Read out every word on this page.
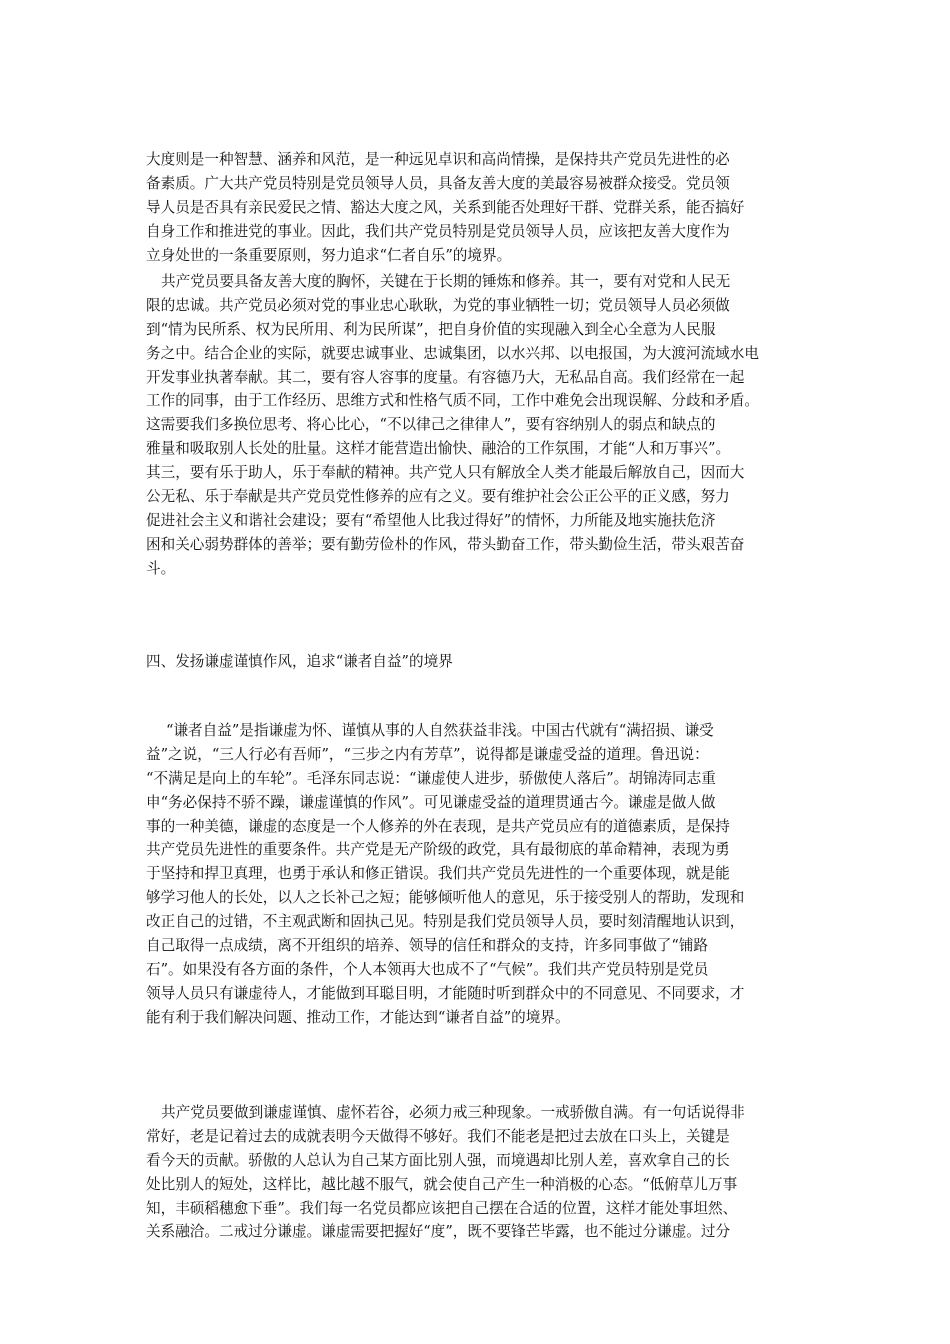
大度则是一种智慧、涵养和风范，是一种远见卓识和高尚情操，是保持共产党员先进性的必
备素质。广大共产党员特别是党员领导人员，具备友善大度的美最容易被群众接受。党员领
导人员是否具有亲民爱民之情、豁达大度之风，关系到能否处理好干群、党群关系，能否搞好
自身工作和推进党的事业。因此，我们共产党员特别是党员领导人员，应该把友善大度作为
立身处世的一条重要原则，努力追求“仁者自乐”的境界。
共产党员要具备友善大度的胸怀，关键在于长期的锤炼和修养。其一，要有对党和人民无
限的忠诚。共产党员必须对党的事业忠心耿耿，为党的事业牺牲一切；党员领导人员必须做
到“情为民所系、权为民所用、利为民所谋”，把自身价值的实现融入到全心全意为人民服
务之中。结合企业的实际，就要忠诚事业、忠诚集团，以水兴邦、以电报国，为大渡河流域水电
开发事业执著奉献。其二，要有容人容事的度量。有容德乃大，无私品自高。我们经常在一起
工作的同事，由于工作经历、思维方式和性格气质不同，工作中难免会出现误解、分歧和矛盾。
这需要我们多换位思考、将心比心，“不以律己之律律人”，要有容纳别人的弱点和缺点的
雅量和吸取别人长处的肚量。这样才能营造出愉快、融洽的工作氛围，才能“人和万事兴”。
其三，要有乐于助人，乐于奉献的精神。共产党人只有解放全人类才能最后解放自己，因而大
公无私、乐于奉献是共产党员党性修养的应有之义。要有维护社会公正公平的正义感，努力
促进社会主义和谐社会建设；要有“希望他人比我过得好”的情怀，力所能及地实施扶危济
困和关心弱势群体的善举；要有勤劳俭朴的作风，带头勤奋工作，带头勤俭生活，带头艰苦奋
斗。
四、发扬谦虚谨慎作风，追求“谦者自益”的境界
“谦者自益”是指谦虚为怀、谨慎从事的人自然获益非浅。中国古代就有“满招损、谦受
益”之说，“三人行必有吾师”，“三步之内有芳草”，说得都是谦虚受益的道理。鲁迅说：
“不满足是向上的车轮”。毛泽东同志说：“谦虚使人进步，骄傲使人落后”。胡锦涛同志重
申“务必保持不骄不躁，谦虚谨慎的作风”。可见谦虚受益的道理贯通古今。谦虚是做人做
事的一种美德，谦虚的态度是一个人修养的外在表现，是共产党员应有的道德素质，是保持
共产党员先进性的重要条件。共产党是无产阶级的政党，具有最彻底的革命精神，表现为勇
于坚持和捍卫真理，也勇于承认和修正错误。我们共产党员先进性的一个重要体现，就是能
够学习他人的长处，以人之长补己之短；能够倾听他人的意见，乐于接受别人的帮助，发现和
改正自己的过错，不主观武断和固执己见。特别是我们党员领导人员，要时刻清醒地认识到，
自己取得一点成绩，离不开组织的培养、领导的信任和群众的支持，许多同事做了“铺路
石”。如果没有各方面的条件，个人本领再大也成不了“气候”。我们共产党员特别是党员
领导人员只有谦虚待人，才能做到耳聪目明，才能随时听到群众中的不同意见、不同要求，才
能有利于我们解决问题、推动工作，才能达到“谦者自益”的境界。
共产党员要做到谦虚谨慎、虚怀若谷，必须力戒三种现象。一戒骄傲自满。有一句话说得非
常好，老是记着过去的成就表明今天做得不够好。我们不能老是把过去放在口头上，关键是
看今天的贡献。骄傲的人总认为自己某方面比别人强，而境遇却比别人差，喜欢拿自己的长
处比别人的短处，这样比，越比越不服气，就会使自己产生一种消极的心态。“低俯草儿万事
知，丰硕稻穗愈下垂”。我们每一名党员都应该把自己摆在合适的位置，这样才能处事坦然、
关系融洽。二戒过分谦虚。谦虚需要把握好“度”，既不要锋芒毕露，也不能过分谦虚。过分
